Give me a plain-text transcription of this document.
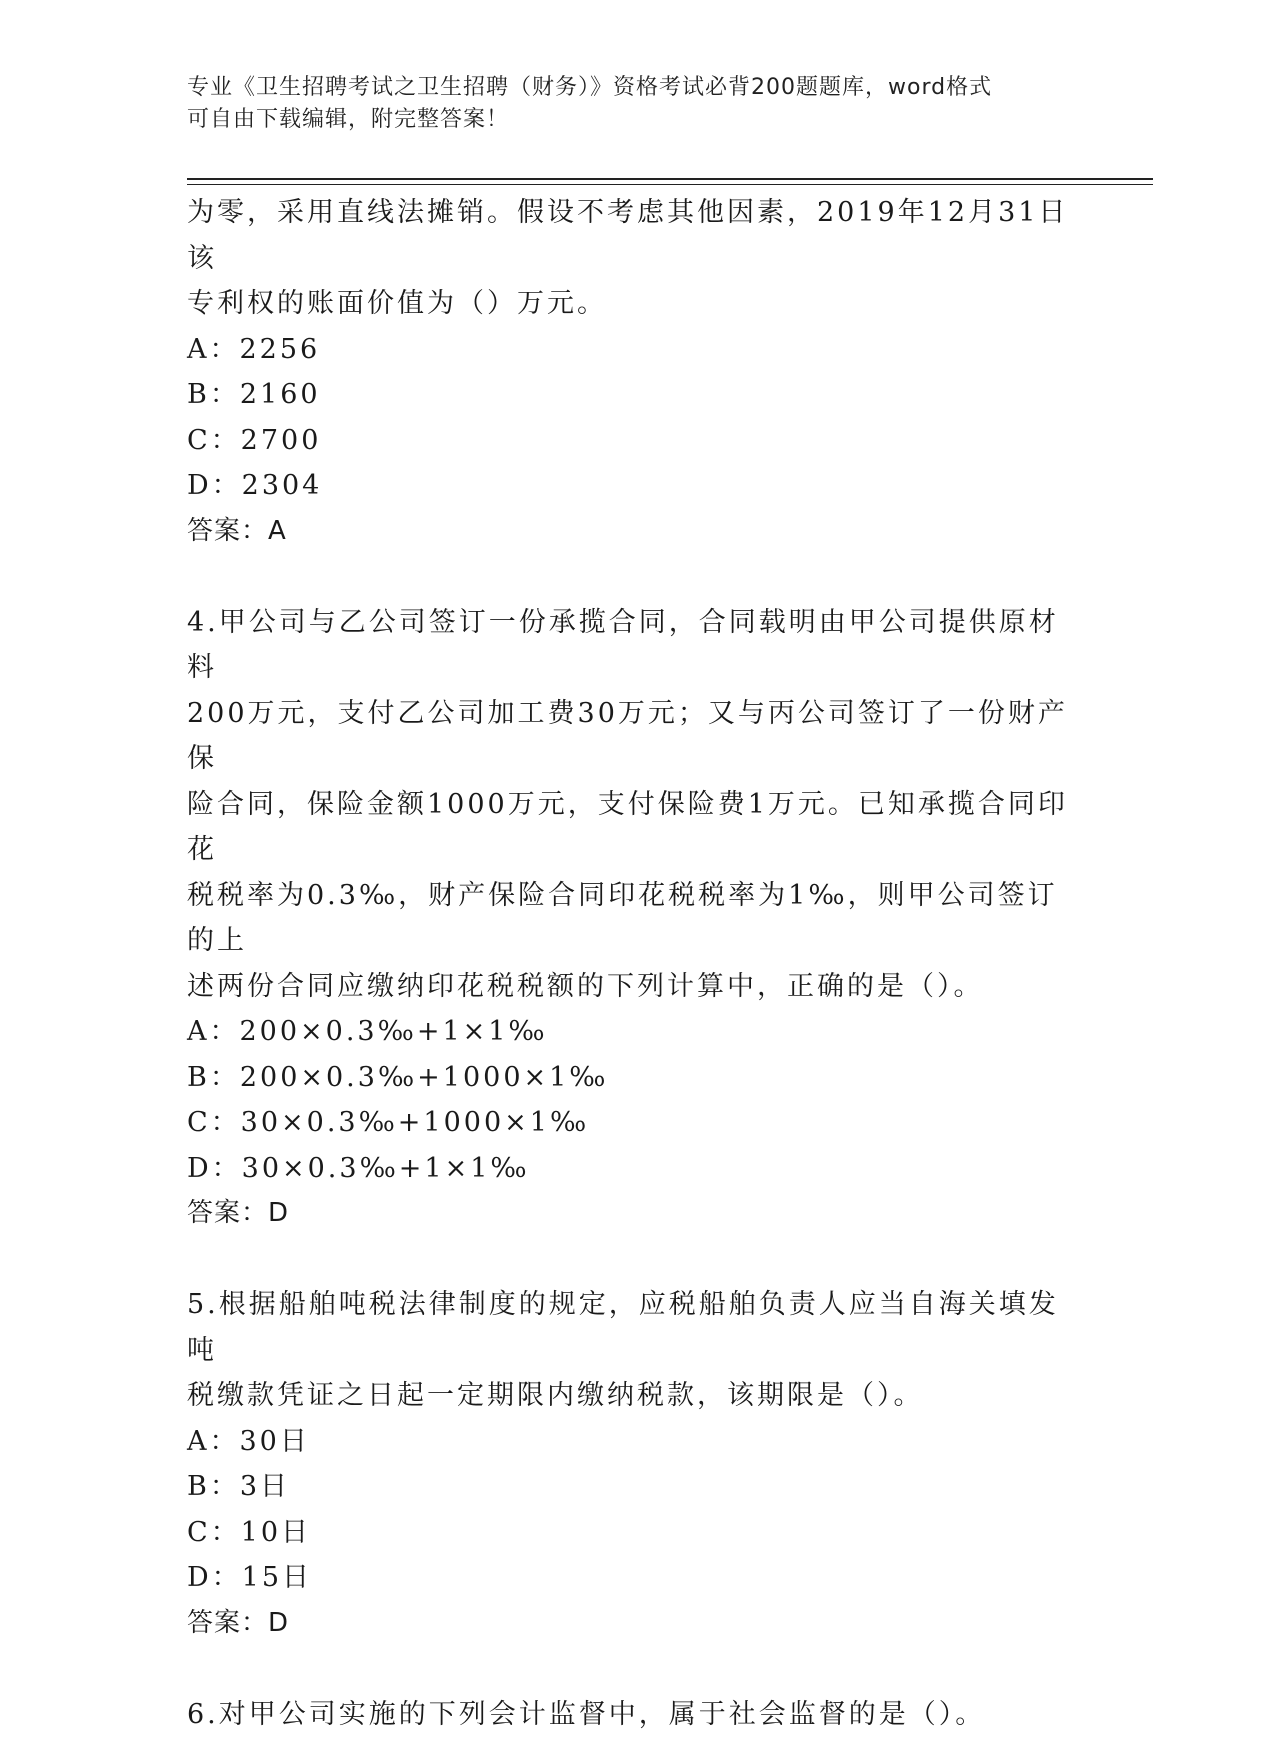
专业《卫生招聘考试之卫生招聘（财务）》资格考试必背200题题库，word格式
可自由下载编辑，附完整答案！

为零，采用直线法摊销。假设不考虑其他因素，2019年12月31日该

专利权的账面价值为（）万元。

A：2256

B：2160

C：2700

D：2304

答案：A

4.甲公司与乙公司签订一份承揽合同，合同载明由甲公司提供原材料

200万元，支付乙公司加工费30万元；又与丙公司签订了一份财产保

险合同，保险金额1000万元，支付保险费1万元。已知承揽合同印花

税税率为0.3‰，财产保险合同印花税税率为1‰，则甲公司签订的上

述两份合同应缴纳印花税税额的下列计算中，正确的是（）。

A：200×0.3‰+1×1‰

B：200×0.3‰+1000×1‰

C：30×0.3‰+1000×1‰

D：30×0.3‰+1×1‰

答案：D

5.根据船舶吨税法律制度的规定，应税船舶负责人应当自海关填发吨

税缴款凭证之日起一定期限内缴纳税款，该期限是（）。

A：30日

B：3日

C：10日

D：15日

答案：D

6.对甲公司实施的下列会计监督中，属于社会监督的是（）。
